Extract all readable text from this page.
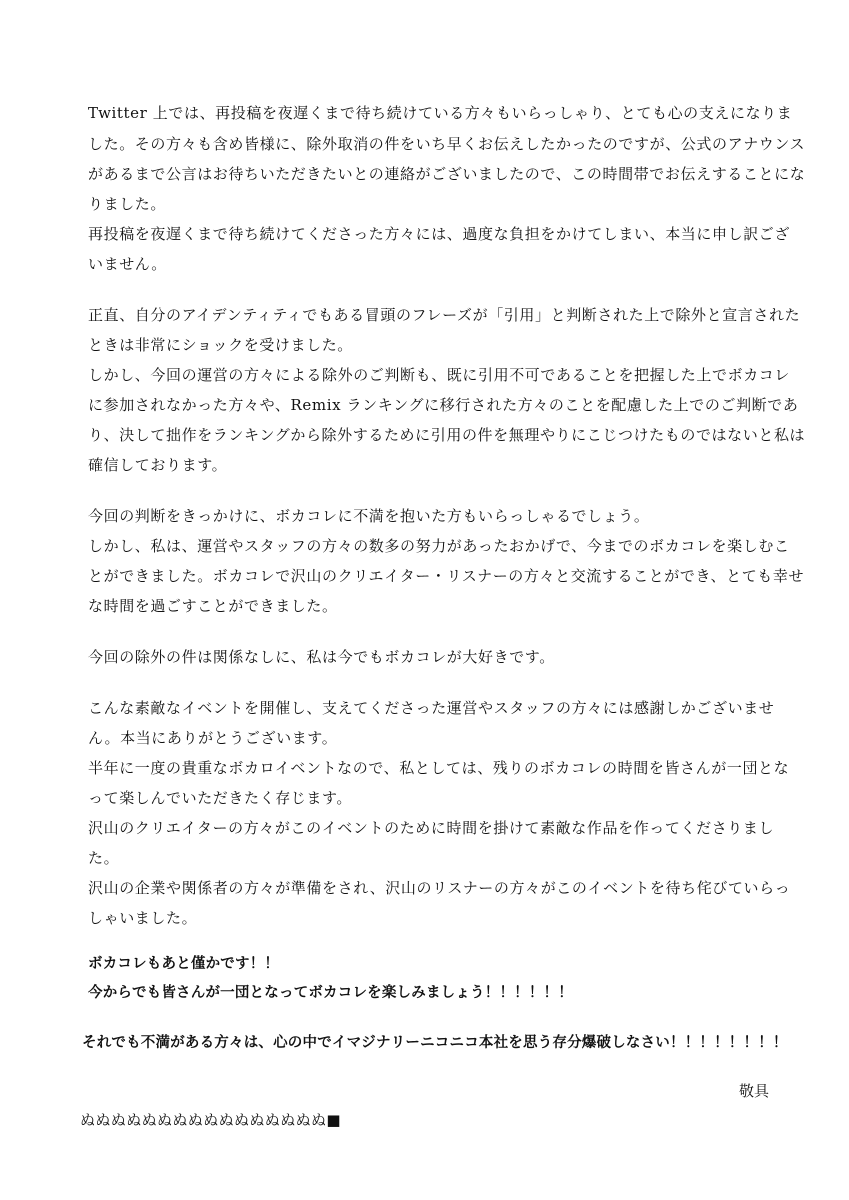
Twitter 上では、再投稿を夜遅くまで待ち続けている方々もいらっしゃり、とても心の支えになりま
した。その方々も含め皆様に、除外取消の件をいち早くお伝えしたかったのですが、公式のアナウンス
があるまで公言はお待ちいただきたいとの連絡がございましたので、この時間帯でお伝えすることにな
りました。
再投稿を夜遅くまで待ち続けてくださった方々には、過度な負担をかけてしまい、本当に申し訳ござ
いません。
正直、自分のアイデンティティでもある冒頭のフレーズが「引用」と判断された上で除外と宣言された
ときは非常にショックを受けました。
しかし、今回の運営の方々による除外のご判断も、既に引用不可であることを把握した上でボカコレ
に参加されなかった方々や、Remix ランキングに移行された方々のことを配慮した上でのご判断であ
り、決して拙作をランキングから除外するために引用の件を無理やりにこじつけたものではないと私は
確信しております。
今回の判断をきっかけに、ボカコレに不満を抱いた方もいらっしゃるでしょう。
しかし、私は、運営やスタッフの方々の数多の努力があったおかげで、今までのボカコレを楽しむこ
とができました。ボカコレで沢山のクリエイター・リスナーの方々と交流することができ、とても幸せ
な時間を過ごすことができました。
今回の除外の件は関係なしに、私は今でもボカコレが大好きです。
こんな素敵なイベントを開催し、支えてくださった運営やスタッフの方々には感謝しかございませ
ん。本当にありがとうございます。
半年に一度の貴重なボカロイベントなので、私としては、残りのボカコレの時間を皆さんが一団とな
って楽しんでいただきたく存じます。
沢山のクリエイターの方々がこのイベントのために時間を掛けて素敵な作品を作ってくださりまし
た。
沢山の企業や関係者の方々が準備をされ、沢山のリスナーの方々がこのイベントを待ち侘びていらっ
しゃいました。
ボカコレもあと僅かです！！
今からでも皆さんが一団となってボカコレを楽しみましょう！！！！！！
それでも不満がある方々は、心の中でイマジナリーニコニコ本社を思う存分爆破しなさい！！！！！！！！
敬具
ぬぬぬぬぬぬぬぬぬぬぬぬぬぬぬぬ■
